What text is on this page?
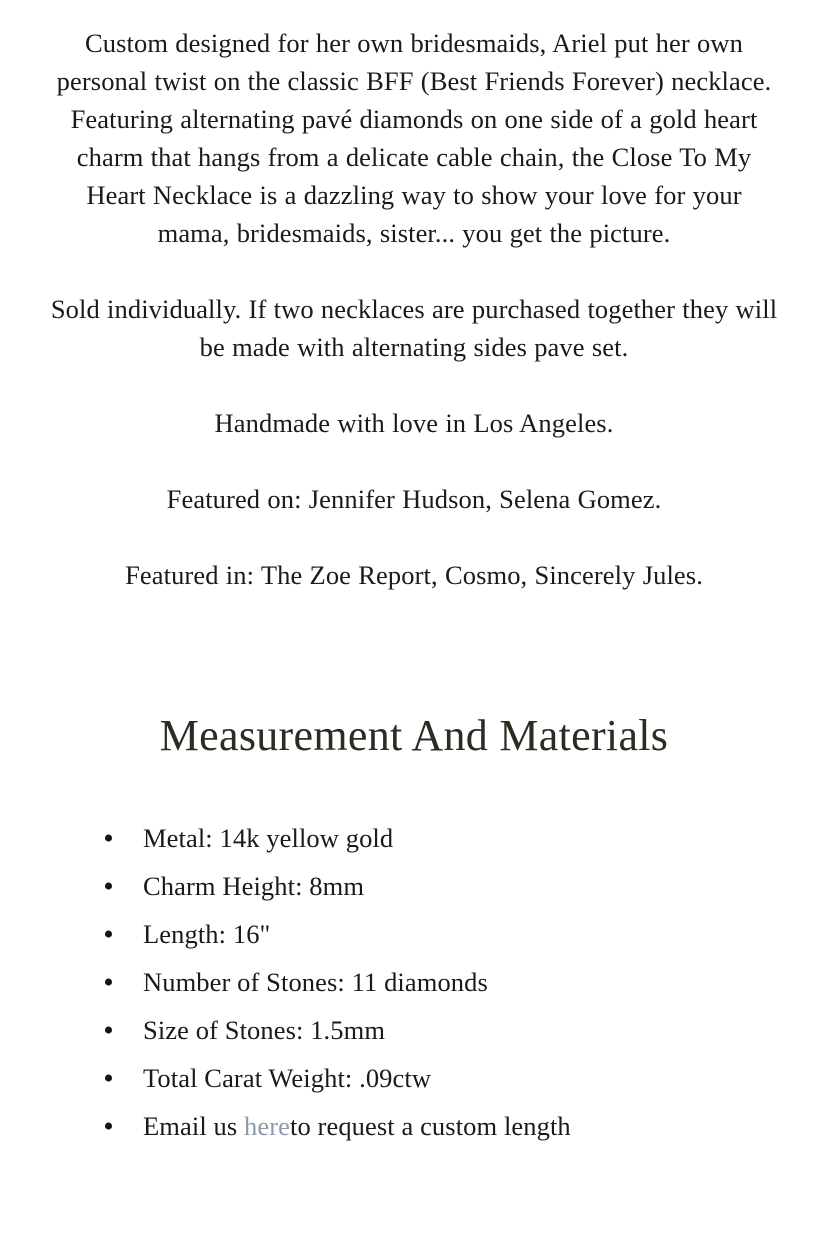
Custom designed for her own bridesmaids, Ariel put her own personal twist on the classic BFF (Best Friends Forever) necklace. Featuring alternating pavé diamonds on one side of a gold heart charm that hangs from a delicate cable chain, the Close To My Heart Necklace is a dazzling way to show your love for your mama, bridesmaids, sister... you get the picture.

Sold individually. If two necklaces are purchased together they will be made with alternating sides pave set.

Handmade with love in Los Angeles.

Featured on: Jennifer Hudson, Selena Gomez.

Featured in: The Zoe Report, Cosmo, Sincerely Jules.

Measurement And Materials
Metal: 14k yellow gold
Charm Height: 8mm
Length: 16"
Number of Stones: 11 diamonds
Size of Stones: 1.5mm
Total Carat Weight: .09ctw
Email us hereto request a custom length
